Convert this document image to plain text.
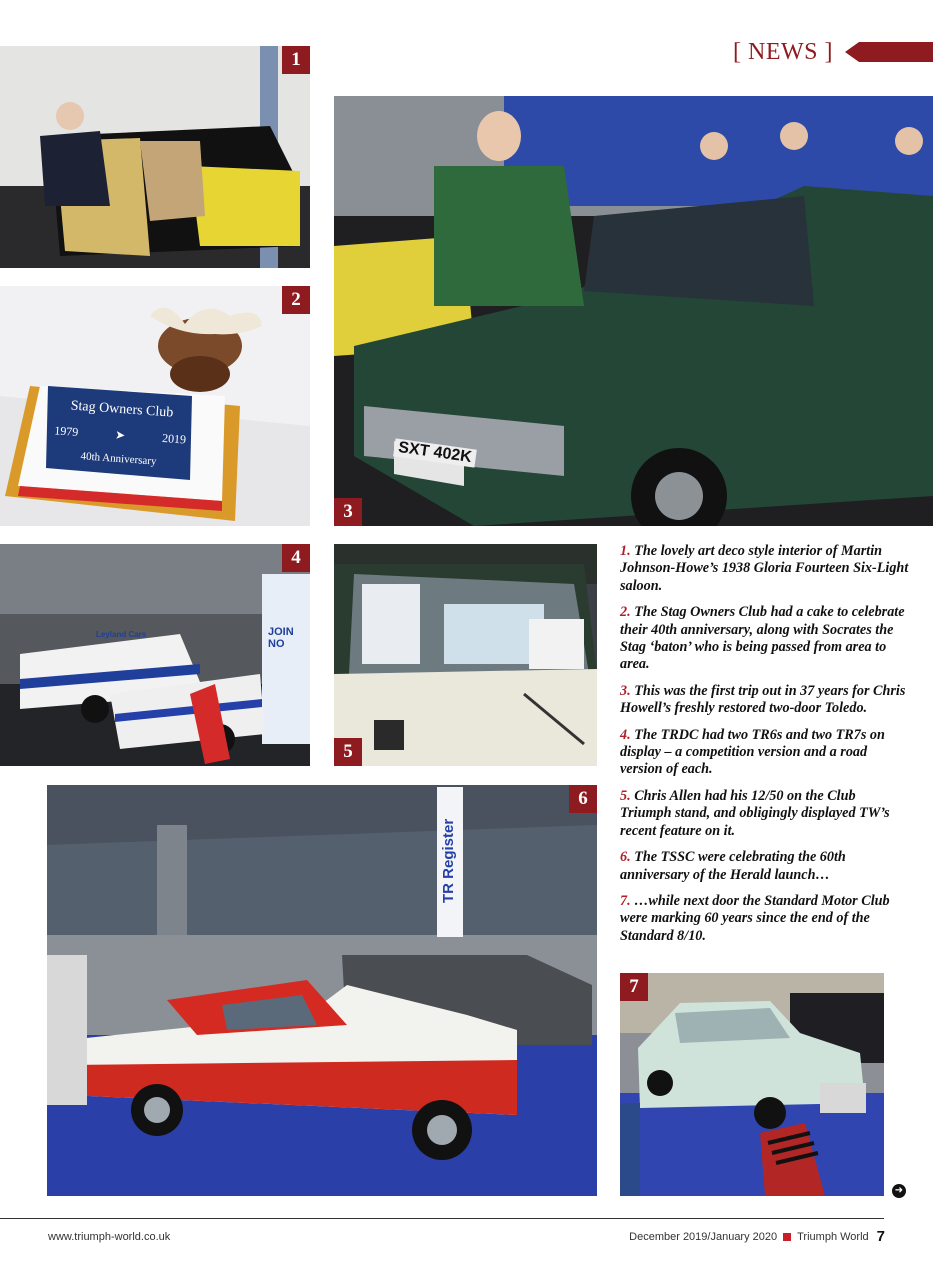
[ NEWS ]
1
Stag Owners Club
1979	➤	2019
40th Anniversary
2
SXT 402K
3
JOIN NO
Leyland Cars
4
5
TR Register
6
7

1. The lovely art deco style interior of Martin Johnson-Howe’s 1938 Gloria Fourteen Six-Light saloon.

2. The Stag Owners Club had a cake to celebrate their 40th anniversary, along with Socrates the Stag ‘baton’ who is being passed from area to area.

3. This was the first trip out in 37 years for Chris Howell’s freshly restored two-door Toledo.

4. The TRDC had two TR6s and two TR7s on display – a competition version and a road version of each.

5. Chris Allen had his 12/50 on the Club Triumph stand, and obligingly displayed TW’s recent feature on it.

6. The TSSC were celebrating the 60th anniversary of the Herald launch…

7. …while next door the Standard Motor Club were marking 60 years since the end of the Standard 8/10.

➜
www.triumph-world.co.uk	December 2019/January 2020 Triumph World 7
